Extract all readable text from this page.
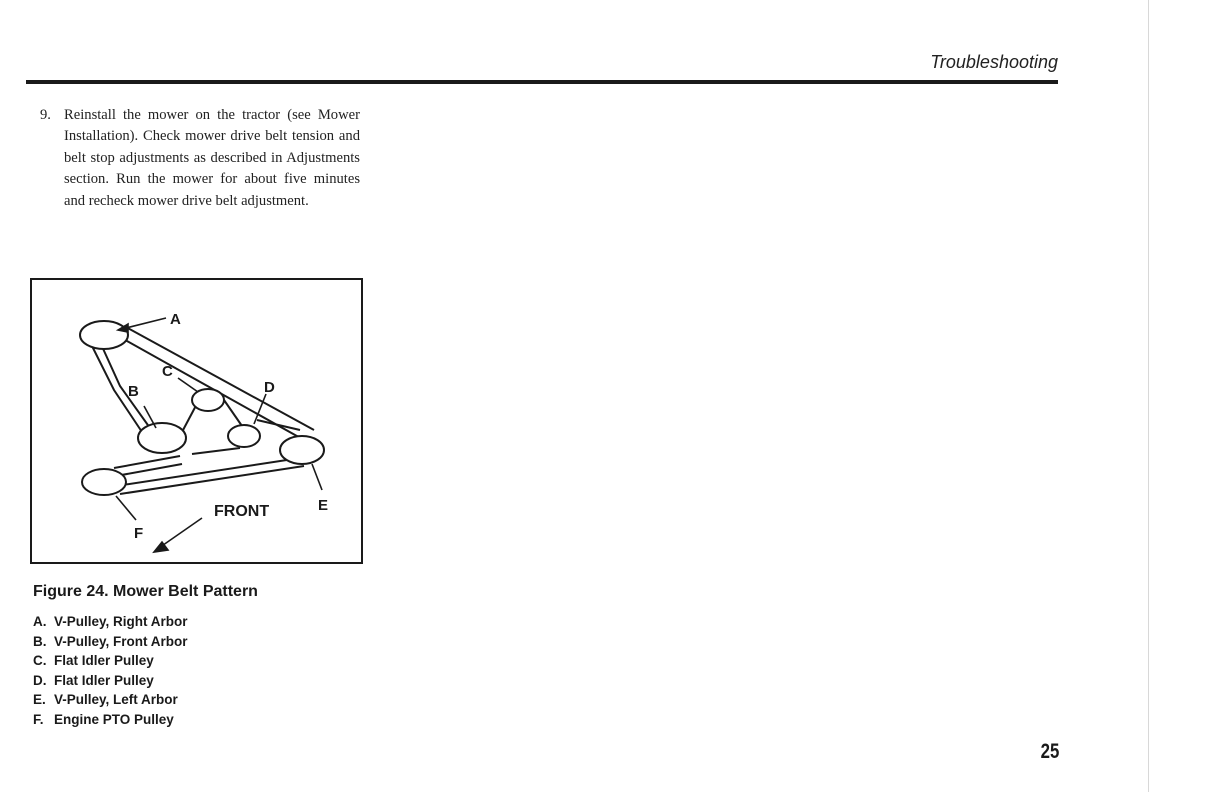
Troubleshooting
9. Reinstall the mower on the tractor (see Mower Installation). Check mower drive belt tension and belt stop adjustments as described in Adjustments section. Run the mower for about five minutes and recheck mower drive belt adjustment.
A
B
C
D
E
F
FRONT
Figure 24. Mower Belt Pattern
A. V-Pulley, Right Arbor
B. V-Pulley, Front Arbor
C. Flat Idler Pulley
D. Flat Idler Pulley
E. V-Pulley, Left Arbor
F. Engine PTO Pulley
25
